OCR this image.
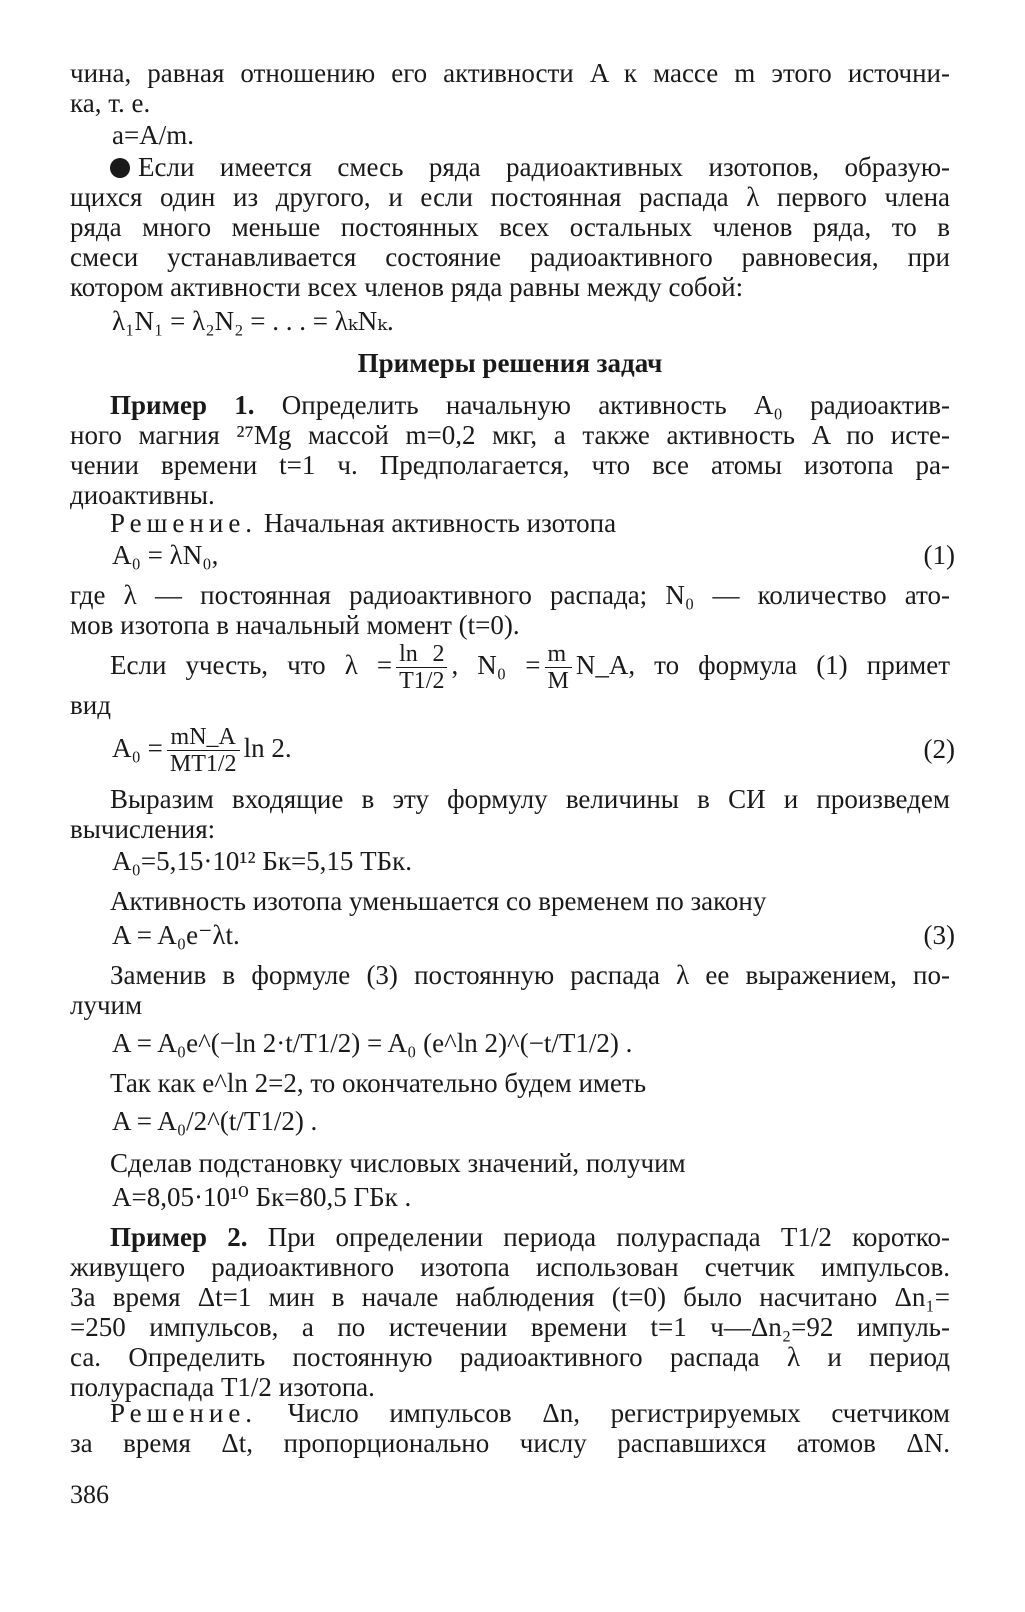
чина, равная отношению его активности A к массе m этого источни-
ка, т. е.
a=A/m.
Если имеется смесь ряда радиоактивных изотопов, образую-
щихся один из другого, и если постоянная распада λ первого члена
ряда много меньше постоянных всех остальных членов ряда, то в
смеси устанавливается состояние радиоактивного равновесия, при
котором активности всех членов ряда равны между собой:
λ₁N₁ = λ₂N₂ = . . . = λₖNₖ.
Примеры решения задач
Пример 1. Определить начальную активность A₀ радиоактив-
ного магния ²⁷Mg массой m=0,2 мкг, а также активность A по исте-
чении времени t=1 ч. Предполагается, что все атомы изотопа ра-
диоактивны.
Решение. Начальная активность изотопа
A₀ = λN₀,	(1)
где λ — постоянная радиоактивного распада; N₀ — количество ато-
мов изотопа в начальный момент (t=0).
Если учесть, что $\lambda = \frac{\ln 2}{T1/2}$ , $N_0 = \frac{m}{M}$ N_A, то формула (1) примет
вид
$A_0 = \frac{mN\_A}{MT1/2}$ ln 2.	(2)
Выразим входящие в эту формулу величины в СИ и произведем
вычисления:
A₀=5,15·10¹² Бк=5,15 ТБк.
Активность изотопа уменьшается со временем по закону
A = A₀e⁻λt.	(3)
Заменив в формуле (3) постоянную распада λ ее выражением, по-
лучим
A = A₀e^(−ln 2·t/T1/2) = A₀ (e^ln 2)^(−t/T1/2) .
Так как e^ln 2=2, то окончательно будем иметь
A = A₀/2^(t/T1/2) .
Сделав подстановку числовых значений, получим
A=8,05·10¹⁰ Бк=80,5 ГБк .
Пример 2. При определении периода полураспада T1/2 коротко-
живущего радиоактивного изотопа использован счетчик импульсов.
За время Δt=1 мин в начале наблюдения (t=0) было насчитано Δn₁=
=250 импульсов, а по истечении времени t=1 ч—Δn₂=92 импуль-
са. Определить постоянную радиоактивного распада λ и период
полураспада T1/2 изотопа.
Решение. Число импульсов Δn, регистрируемых счетчиком
за время Δt, пропорционально числу распавшихся атомов ΔN.
386
